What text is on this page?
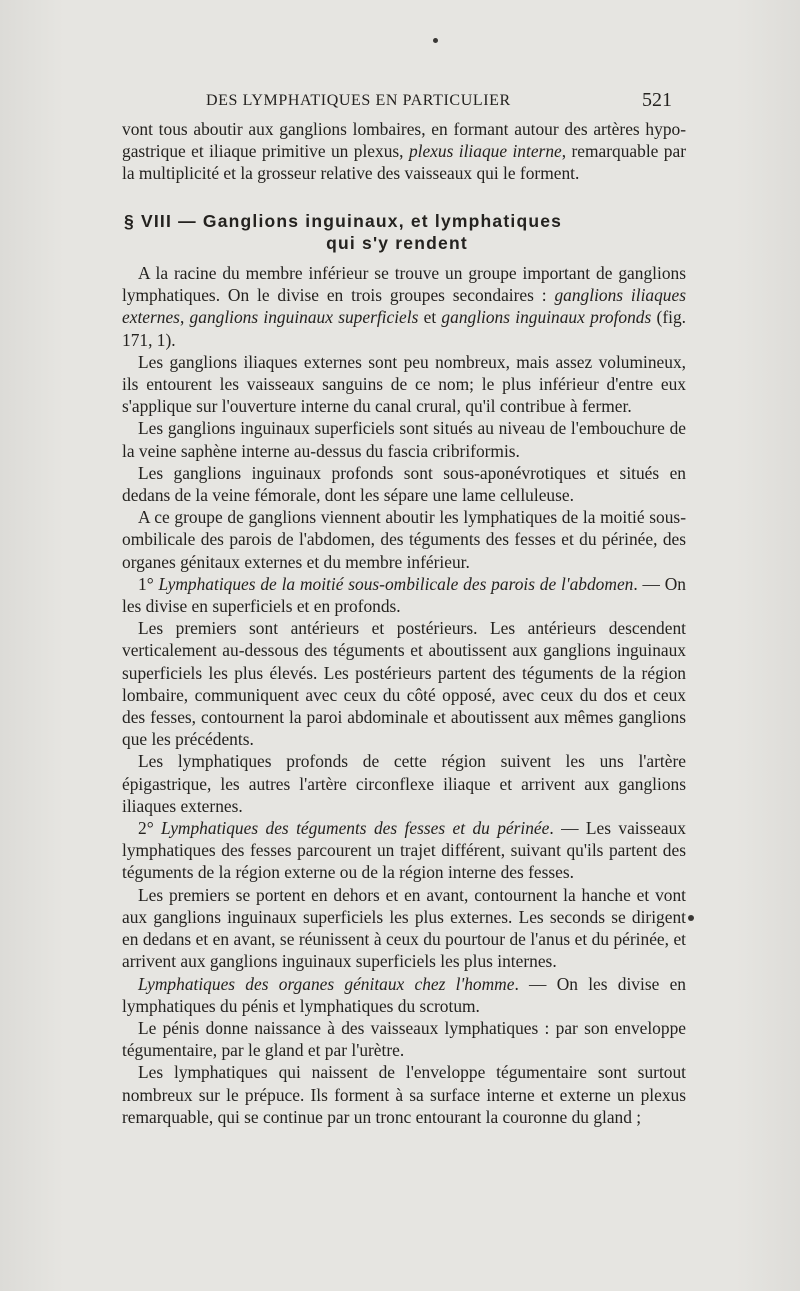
DES LYMPHATIQUES EN PARTICULIER	521
vont tous aboutir aux ganglions lombaires, en formant autour des artères hypo-gastrique et iliaque primitive un plexus, plexus iliaque interne, remarquable par la multiplicité et la grosseur relative des vaisseaux qui le forment.
§ VIII — Ganglions inguinaux, et lymphatiques
qui s'y rendent

A la racine du membre inférieur se trouve un groupe important de ganglions lymphatiques. On le divise en trois groupes secondaires : ganglions iliaques externes, ganglions inguinaux superficiels et ganglions inguinaux profonds (fig. 171, 1).

Les ganglions iliaques externes sont peu nombreux, mais assez volumineux, ils entourent les vaisseaux sanguins de ce nom; le plus inférieur d'entre eux s'applique sur l'ouverture interne du canal crural, qu'il contribue à fermer.

Les ganglions inguinaux superficiels sont situés au niveau de l'embouchure de la veine saphène interne au-dessus du fascia cribriformis.

Les ganglions inguinaux profonds sont sous-aponévrotiques et situés en dedans de la veine fémorale, dont les sépare une lame celluleuse.

A ce groupe de ganglions viennent aboutir les lymphatiques de la moitié sous-ombilicale des parois de l'abdomen, des téguments des fesses et du périnée, des organes génitaux externes et du membre inférieur.

1° Lymphatiques de la moitié sous-ombilicale des parois de l'abdomen. — On les divise en superficiels et en profonds.

Les premiers sont antérieurs et postérieurs. Les antérieurs descendent verticalement au-dessous des téguments et aboutissent aux ganglions inguinaux superficiels les plus élevés. Les postérieurs partent des téguments de la région lombaire, communiquent avec ceux du côté opposé, avec ceux du dos et ceux des fesses, contournent la paroi abdominale et aboutissent aux mêmes ganglions que les précédents.

Les lymphatiques profonds de cette région suivent les uns l'artère épigastrique, les autres l'artère circonflexe iliaque et arrivent aux ganglions iliaques externes.

2° Lymphatiques des téguments des fesses et du périnée. — Les vaisseaux lymphatiques des fesses parcourent un trajet différent, suivant qu'ils partent des téguments de la région externe ou de la région interne des fesses.

Les premiers se portent en dehors et en avant, contournent la hanche et vont aux ganglions inguinaux superficiels les plus externes. Les seconds se dirigent en dedans et en avant, se réunissent à ceux du pourtour de l'anus et du périnée, et arrivent aux ganglions inguinaux superficiels les plus internes.

Lymphatiques des organes génitaux chez l'homme. — On les divise en lymphatiques du pénis et lymphatiques du scrotum.

Le pénis donne naissance à des vaisseaux lymphatiques : par son enveloppe tégumentaire, par le gland et par l'urètre.

Les lymphatiques qui naissent de l'enveloppe tégumentaire sont surtout nombreux sur le prépuce. Ils forment à sa surface interne et externe un plexus remarquable, qui se continue par un tronc entourant la couronne du gland ;
